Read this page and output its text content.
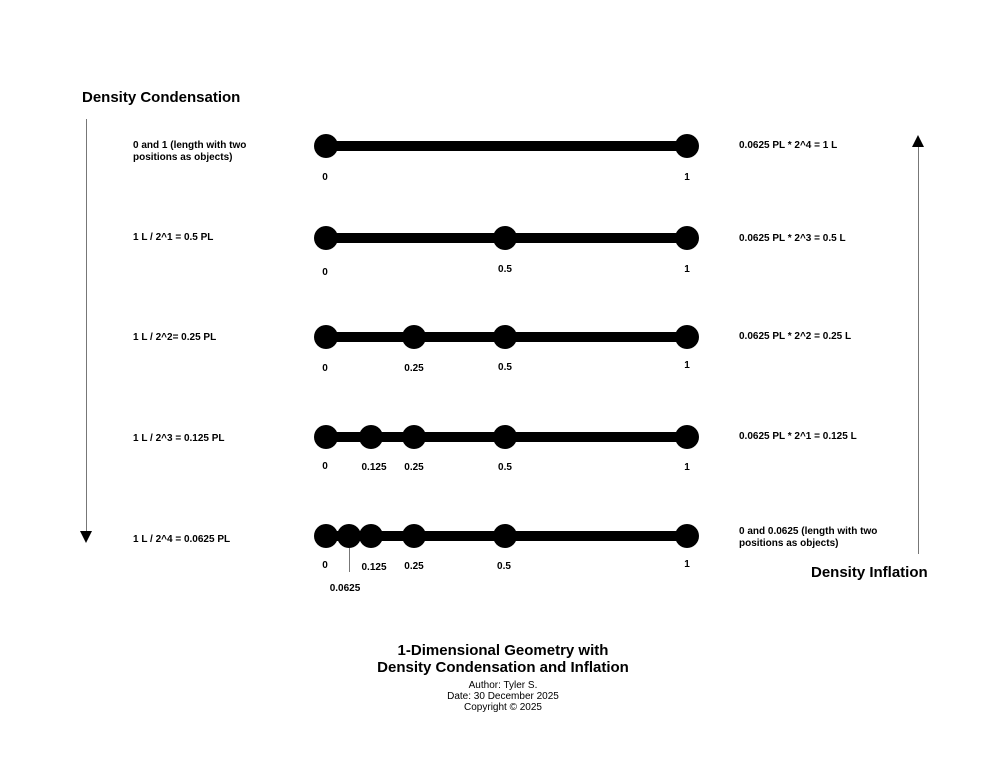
Density Condensation
Density Inflation
0 and 1 (length with two positions as objects)
0.0625 PL * 2^4 = 1 L
0	1
1 L / 2^1 = 0.5 PL	0.0625 PL * 2^3 = 0.5 L
0	0.5	1
1 L / 2^2= 0.25 PL	0.0625 PL * 2^2 = 0.25 L
0	0.25	0.5	1
1 L / 2^3 = 0.125 PL	0.0625 PL * 2^1 = 0.125 L
0	0.125 0.25	0.5	1
1 L / 2^4 = 0.0625 PL
0 and 0.0625 (length with two positions as objects)
0
0.0625
0.125 0.25	0.5	1
1-Dimensional Geometry with
Density Condensation and Inflation
Author: Tyler S.
Date: 30 December 2025
Copyright © 2025
